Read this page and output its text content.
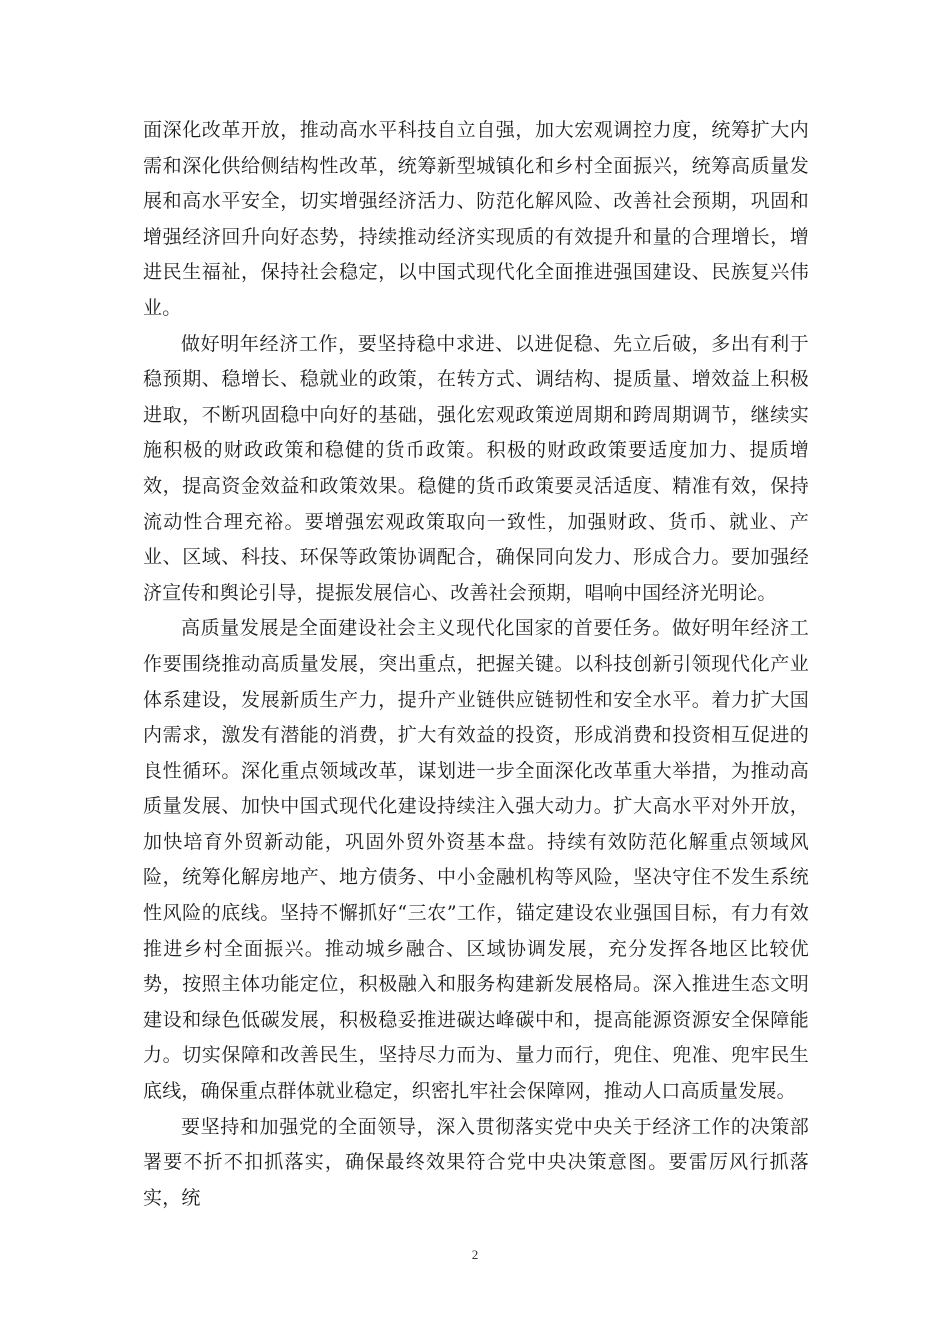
面深化改革开放，推动高水平科技自立自强，加大宏观调控力度，统筹扩大内需和深化供给侧结构性改革，统筹新型城镇化和乡村全面振兴，统筹高质量发展和高水平安全，切实增强经济活力、防范化解风险、改善社会预期，巩固和增强经济回升向好态势，持续推动经济实现质的有效提升和量的合理增长，增进民生福祉，保持社会稳定，以中国式现代化全面推进强国建设、民族复兴伟业。

做好明年经济工作，要坚持稳中求进、以进促稳、先立后破，多出有利于稳预期、稳增长、稳就业的政策，在转方式、调结构、提质量、增效益上积极进取，不断巩固稳中向好的基础，强化宏观政策逆周期和跨周期调节，继续实施积极的财政政策和稳健的货币政策。积极的财政政策要适度加力、提质增效，提高资金效益和政策效果。稳健的货币政策要灵活适度、精准有效，保持流动性合理充裕。要增强宏观政策取向一致性，加强财政、货币、就业、产业、区域、科技、环保等政策协调配合，确保同向发力、形成合力。要加强经济宣传和舆论引导，提振发展信心、改善社会预期，唱响中国经济光明论。

高质量发展是全面建设社会主义现代化国家的首要任务。做好明年经济工作要围绕推动高质量发展，突出重点，把握关键。以科技创新引领现代化产业体系建设，发展新质生产力，提升产业链供应链韧性和安全水平。着力扩大国内需求，激发有潜能的消费，扩大有效益的投资，形成消费和投资相互促进的良性循环。深化重点领域改革，谋划进一步全面深化改革重大举措，为推动高质量发展、加快中国式现代化建设持续注入强大动力。扩大高水平对外开放，加快培育外贸新动能，巩固外贸外资基本盘。持续有效防范化解重点领域风险，统筹化解房地产、地方债务、中小金融机构等风险，坚决守住不发生系统性风险的底线。坚持不懈抓好“三农”工作，锚定建设农业强国目标，有力有效推进乡村全面振兴。推动城乡融合、区域协调发展，充分发挥各地区比较优势，按照主体功能定位，积极融入和服务构建新发展格局。深入推进生态文明建设和绿色低碳发展，积极稳妥推进碳达峰碳中和，提高能源资源安全保障能力。切实保障和改善民生，坚持尽力而为、量力而行，兜住、兜准、兜牢民生底线，确保重点群体就业稳定，织密扎牢社会保障网，推动人口高质量发展。

要坚持和加强党的全面领导，深入贯彻落实党中央关于经济工作的决策部署要不折不扣抓落实，确保最终效果符合党中央决策意图。要雷厉风行抓落实，统

2
